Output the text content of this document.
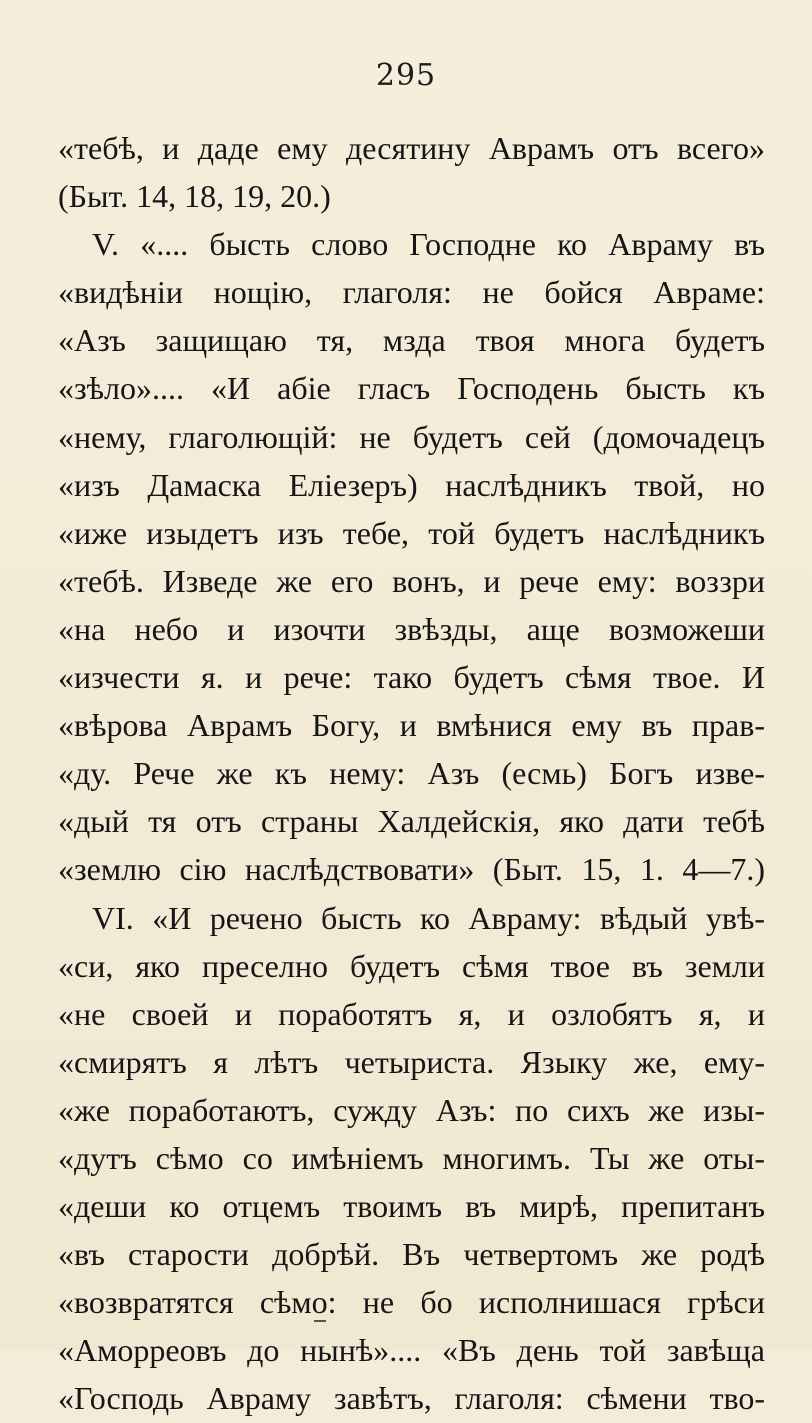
295
«тебѣ, и даде ему десятину Аврамъ отъ всего»
(Быт. 14, 18, 19, 20.)
V. «.... бысть слово Господне ко Авраму въ
«видѣніи нощію, глаголя: не бойся Авраме:
«Азъ защищаю тя, мзда твоя многа будетъ
«зѣло».... «И абіе гласъ Господень бысть къ
«нему, глаголющій: не будетъ сей (домочадецъ
«изъ Дамаска Еліезеръ) наслѣдникъ твой, но
«иже изыдетъ изъ тебе, той будетъ наслѣдникъ
«тебѣ. Изведе же его вонъ, и рече ему: воззри
«на небо и изочти звѣзды, аще возможеши
«изчести я. и рече: тако будетъ сѣмя твое. И
«вѣрова Аврамъ Богу, и вмѣнися ему въ прав-
«ду. Рече же къ нему: Азъ (есмь) Богъ изве-
«дый тя отъ страны Халдейскія, яко дати тебѣ
«землю сію наслѣдствовати» (Быт. 15, 1. 4—7.)
VI. «И речено бысть ко Авраму: вѣдый увѣ-
«си, яко преселно будетъ сѣмя твое въ земли
«не своей и поработятъ я, и озлобятъ я, и
«смирятъ я лѣтъ четыриста. Языку же, ему-
«же поработаютъ, сужду Азъ: по сихъ же изы-
«дутъ сѣмо со имѣніемъ многимъ. Ты же оты-
«деши ко отцемъ твоимъ въ мирѣ, препитанъ
«въ старости добрѣй. Въ четвертомъ же родѣ
«возвратятся сѣмо: не бо исполнишася грѣси
«Аморреовъ до нынѣ».... «Въ день той завѣща
«Господь Авраму завѣтъ, глаголя: сѣмени тво-
